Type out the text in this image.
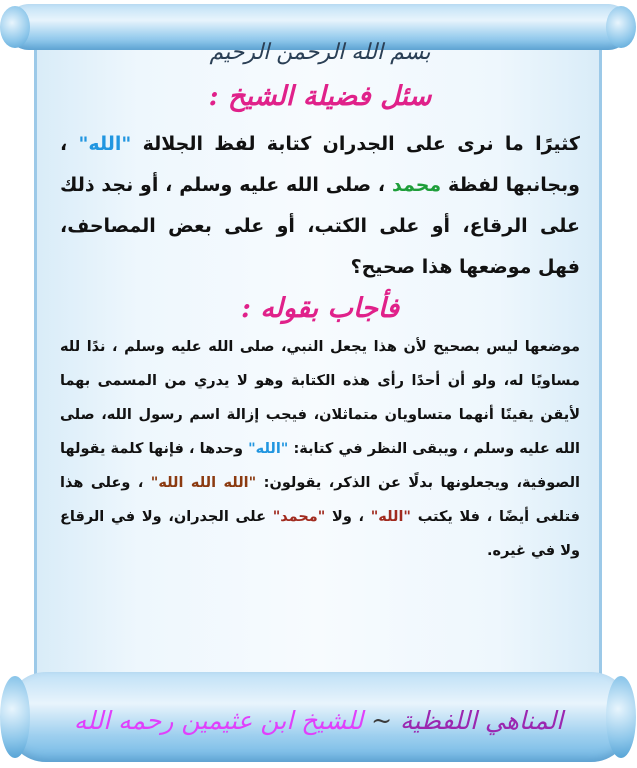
بسم الله الرحمن الرحيم

سئل فضيلة الشيخ :

كثيرًا ما نرى على الجدران كتابة لفظ الجلالة "الله" ، وبجانبها لفظة محمد ، صلى الله عليه وسلم ، أو نجد ذلك على الرقاع، أو على الكتب، أو على بعض المصاحف، فهل موضعها هذا صحيح؟

فأجاب بقوله :

موضعها ليس بصحيح لأن هذا يجعل النبي، صلى الله عليه وسلم ، ندًا لله مساويًا له، ولو أن أحدًا رأى هذه الكتابة وهو لا يدري من المسمى بهما لأيقن يقينًا أنهما متساويان متماثلان، فيجب إزالة اسم رسول الله، صلى الله عليه وسلم ، ويبقى النظر في كتابة: "الله" وحدها ، فإنها كلمة يقولها الصوفية، ويجعلونها بدلًا عن الذكر، يقولون: "الله الله الله" ، وعلى هذا فتلغى أيضًا ، فلا يكتب "الله" ، ولا "محمد" على الجدران، ولا في الرقاع ولا في غيره.

المناهي اللفظية ~ للشيخ ابن عثيمين رحمه الله
